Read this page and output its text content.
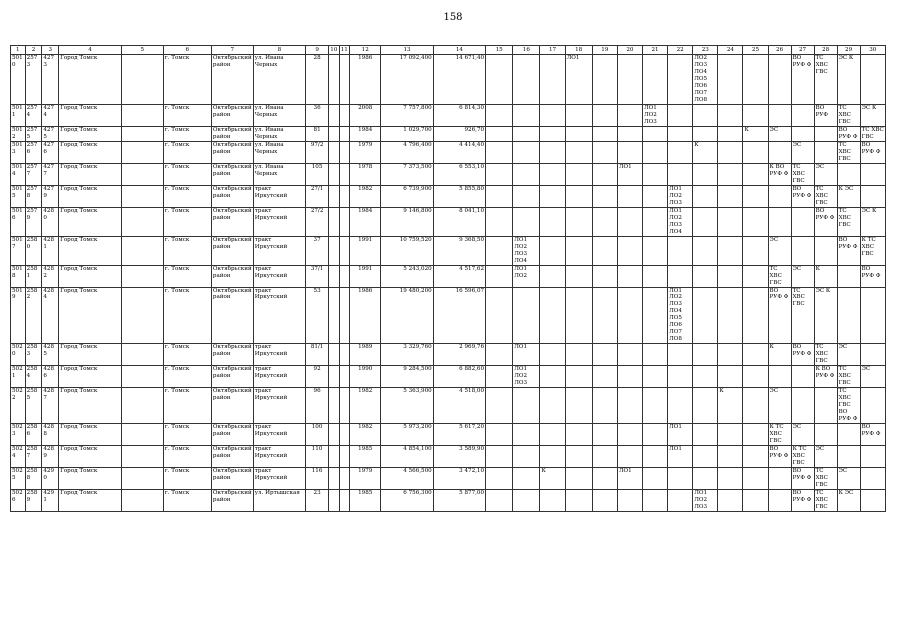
158
1	2	3	4	5	6	7	8	9	10	11	12	13	14	15	16	17	18	19	20	21	22	23	24	25	26	27	28	29	30
5010	2573	4273	Город Томск		г. Томск	Октябрьский район	ул. Ивана Черных	28			1986	17 092,400	14 671,40				ЛО1					ЛО2 ЛО3 ЛО4 ЛО5 ЛО6 ЛО7 ЛО8				ВО РУФ Ф	ТС ХВС ГВС	ЭС К	
5011	2574	4274	Город Томск		г. Томск	Октябрьский район	ул. Ивана Черных	36			2008	7 757,800	6 814,30							ЛО1 ЛО2 ЛО3							ВО РУФ	ТС ХВС ГВС	ЭС К
5012	2575	4275	Город Томск		г. Томск	Октябрьский район	ул. Ивана Черных	81			1984	1 029,700	926,70											К	ЭС			ВО РУФ Ф	ТС ХВС ГВС
5013	2576	4276	Город Томск		г. Томск	Октябрьский район	ул. Ивана Черных	97/2			1979	4 796,400	4 414,40									К				ЭС		ТС ХВС ГВС	ВО РУФ Ф
5014	2577	4277	Город Томск		г. Томск	Октябрьский район	ул. Ивана Черных	105			1978	7 373,500	6 553,10						ЛО1						К ВО РУФ Ф	ТС ХВС ГВС	ЭС		
5015	2578	4279	Город Томск		г. Томск	Октябрьский район	тракт Иркутский	27/1			1982	6 739,900	5 855,80								ЛО1 ЛО2 ЛО3					ВО РУФ Ф	ТС ХВС ГВС	К ЭС	
5016	2579	4280	Город Томск		г. Томск	Октябрьский район	тракт Иркутский	27/2			1984	9 146,800	8 041,10								ЛО1 ЛО2 ЛО3 ЛО4						ВО РУФ Ф	ТС ХВС ГВС	ЭС К
5017	2580	4281	Город Томск		г. Томск	Октябрьский район	тракт Иркутский	37			1991	10 759,520	9 368,50		ЛО1 ЛО2 ЛО3 ЛО4										ЭС			ВО РУФ Ф	К ТС ХВС ГВС
5018	2581	4282	Город Томск		г. Томск	Октябрьский район	тракт Иркутский	37/1			1991	5 243,020	4 517,62		ЛО1 ЛО2										ТС ХВС ГВС	ЭС	К		ВО РУФ Ф
5019	2582	4284	Город Томск		г. Томск	Октябрьский район	тракт Иркутский	53			1986	19 480,200	16 596,07								ЛО1 ЛО2 ЛО3 ЛО4 ЛО5 ЛО6 ЛО7 ЛО8				ВО РУФ Ф	ТС ХВС ГВС	ЭС К		
5020	2583	4285	Город Томск		г. Томск	Октябрьский район	тракт Иркутский	81/1			1989	3 329,760	2 969,76		ЛО1										К	ВО РУФ Ф	ТС ХВС ГВС	ЭС	
5021	2584	4286	Город Томск		г. Томск	Октябрьский район	тракт Иркутский	92			1990	9 284,500	6 882,60		ЛО1 ЛО2 ЛО3												К ВО РУФ Ф	ТС ХВС ГВС	ЭС
5022	2585	4287	Город Томск		г. Томск	Октябрьский район	тракт Иркутский	96			1982	5 363,900	4 518,00										К		ЭС			ТС ХВС ГВС ВО РУФ Ф	
5023	2586	4288	Город Томск		г. Томск	Октябрьский район	тракт Иркутский	100			1982	5 973,200	5 617,20								ЛО1				К ТС ХВС ГВС	ЭС			ВО РУФ Ф
5024	2587	4289	Город Томск		г. Томск	Октябрьский район	тракт Иркутский	110			1985	4 854,100	3 589,90								ЛО1				ВО РУФ Ф	К ТС ХВС ГВС	ЭС		
5025	2588	4290	Город Томск		г. Томск	Октябрьский район	тракт Иркутский	116			1979	4 566,500	3 472,10			К			ЛО1							ВО РУФ Ф	ТС ХВС ГВС	ЭС	
5026	2589	4291	Город Томск		г. Томск	Октябрьский район	ул. Иртышская	23			1985	6 756,300	5 877,00									ЛО1 ЛО2 ЛО3				ВО РУФ Ф	ТС ХВС ГВС	К ЭС	
